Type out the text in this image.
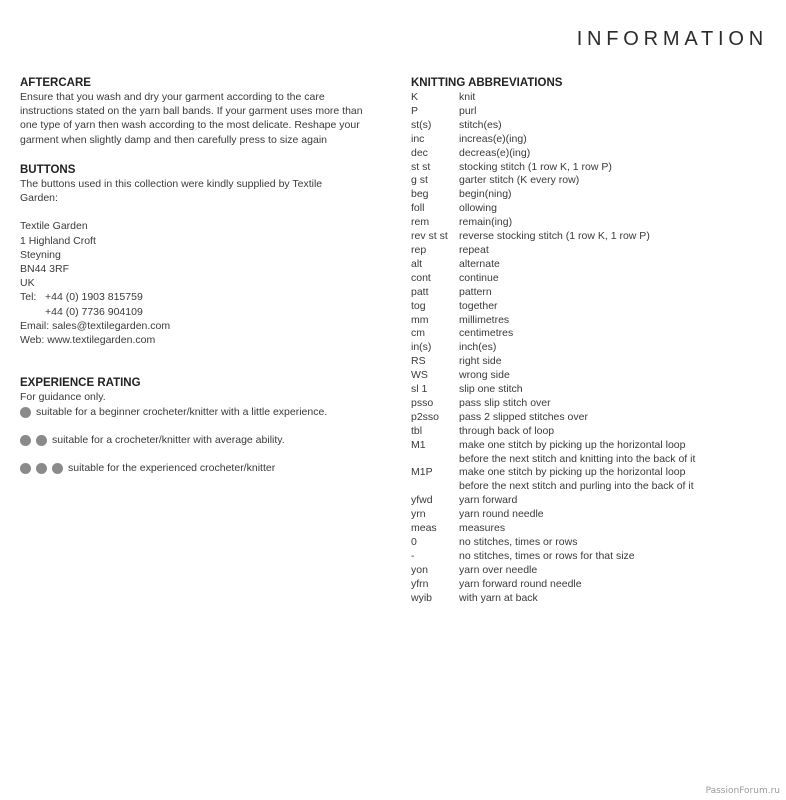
INFORMATION
AFTERCARE
Ensure that you wash and dry your garment according to the care
instructions stated on the yarn ball bands. If your garment uses more than
one type of yarn then wash according to the most delicate. Reshape your
garment when slightly damp and then carefully press to size again
BUTTONS
The buttons used in this collection were kindly supplied by Textile
Garden:
Textile Garden
1 Highland Croft
Steyning
BN44 3RF
UK
Tel: +44 (0) 1903 815759
+44 (0) 7736 904109
Email: sales@textilegarden.com
Web: www.textilegarden.com
EXPERIENCE RATING
For guidance only.
suitable for a beginner crocheter/knitter with a little experience.
suitable for a crocheter/knitter with average ability.
suitable for the experienced crocheter/knitter
KNITTING ABBREVIATIONS
K	knit
P	purl
st(s)	stitch(es)
inc	increas(e)(ing)
dec	decreas(e)(ing)
st st	stocking stitch (1 row K, 1 row P)
g st	garter stitch (K every row)
beg	begin(ning)
foll	ollowing
rem	remain(ing)
rev st st	reverse stocking stitch (1 row K, 1 row P)
rep	repeat
alt	alternate
cont	continue
patt	pattern
tog	together
mm	millimetres
cm	centimetres
in(s)	inch(es)
RS	right side
WS	wrong side
sl 1	slip one stitch
psso	pass slip stitch over
p2sso	pass 2 slipped stitches over
tbl	through back of loop
M1	make one stitch by picking up the horizontal loop
before the next stitch and knitting into the back of it
M1P	make one stitch by picking up the horizontal loop
before the next stitch and purling into the back of it
yfwd	yarn forward
yrn	yarn round needle
meas	measures
0	no stitches, times or rows
-	no stitches, times or rows for that size
yon	yarn over needle
yfrn	yarn forward round needle
wyib	with yarn at back
PassionForum.ru
